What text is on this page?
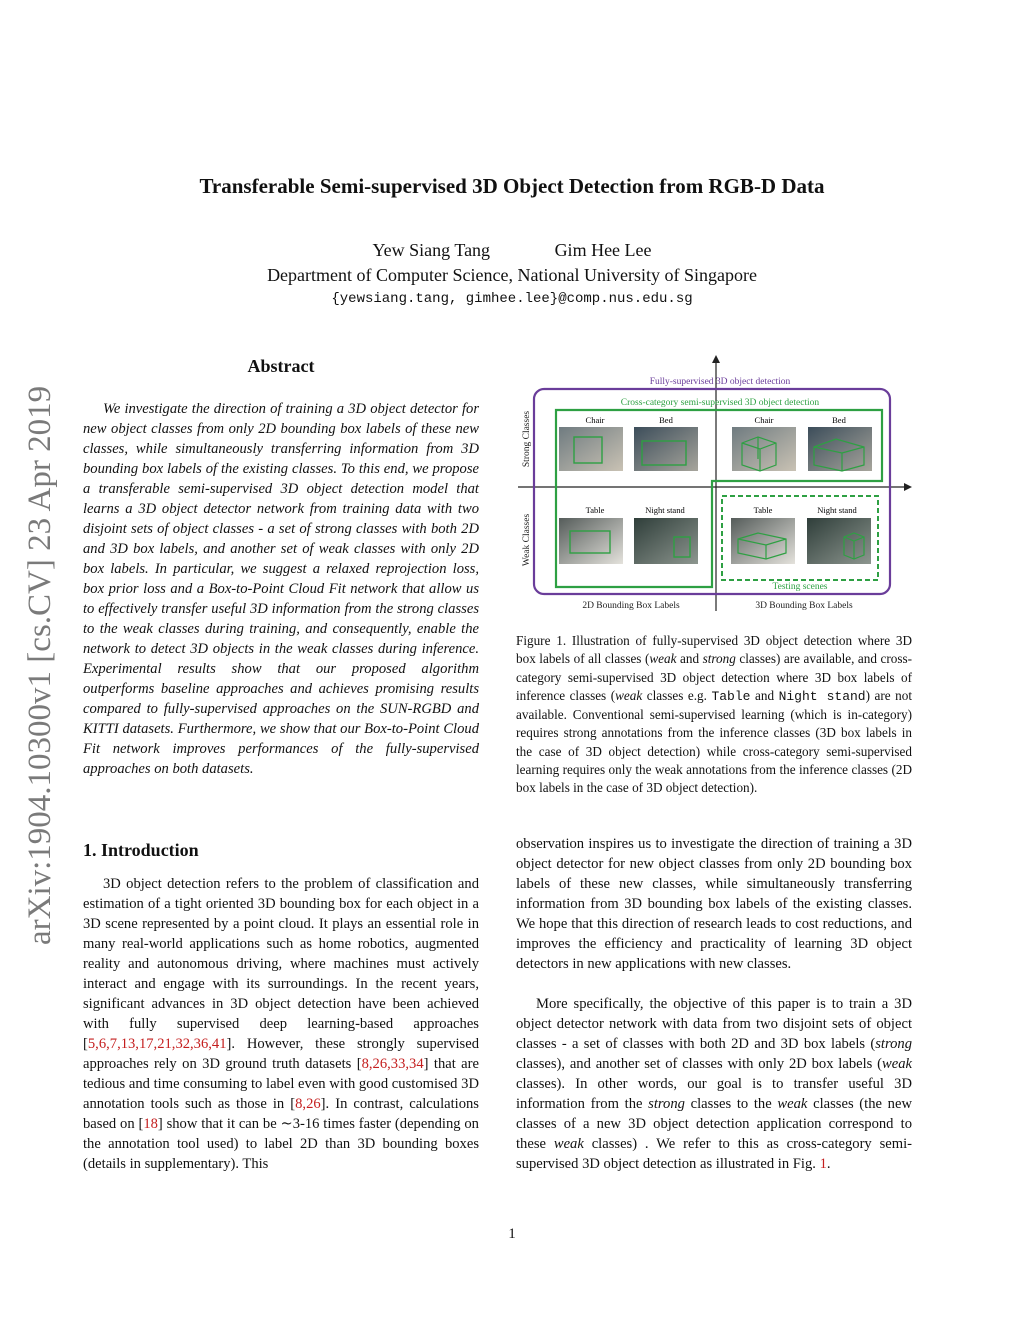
Transferable Semi-supervised 3D Object Detection from RGB-D Data
Yew Siang Tang	Gim Hee Lee
Department of Computer Science, National University of Singapore
{yewsiang.tang, gimhee.lee}@comp.nus.edu.sg
arXiv:1904.10300v1 [cs.CV] 23 Apr 2019
Abstract
We investigate the direction of training a 3D object detector for new object classes from only 2D bounding box labels of these new classes, while simultaneously transferring information from 3D bounding box labels of the existing classes. To this end, we propose a transferable semi-supervised 3D object detection model that learns a 3D object detector network from training data with two disjoint sets of object classes - a set of strong classes with both 2D and 3D box labels, and another set of weak classes with only 2D box labels. In particular, we suggest a relaxed reprojection loss, box prior loss and a Box-to-Point Cloud Fit network that allow us to effectively transfer useful 3D information from the strong classes to the weak classes during training, and consequently, enable the network to detect 3D objects in the weak classes during inference. Experimental results show that our proposed algorithm outperforms baseline approaches and achieves promising results compared to fully-supervised approaches on the SUN-RGBD and KITTI datasets. Furthermore, we show that our Box-to-Point Cloud Fit network improves performances of the fully-supervised approaches on both datasets.
1. Introduction
3D object detection refers to the problem of classification and estimation of a tight oriented 3D bounding box for each object in a 3D scene represented by a point cloud. It plays an essential role in many real-world applications such as home robotics, augmented reality and autonomous driving, where machines must actively interact and engage with its surroundings. In the recent years, significant advances in 3D object detection have been achieved with fully supervised deep learning-based approaches [5,6,7,13,17,21,32,36,41]. However, these strongly supervised approaches rely on 3D ground truth datasets [8,26,33,34] that are tedious and time consuming to label even with good customised 3D annotation tools such as those in [8,26]. In contrast, calculations based on [18] show that it can be ∼3-16 times faster (depending on the annotation tool used) to label 2D than 3D bounding boxes (details in supplementary). This
Fully-supervised 3D object detection
Cross-category semi-supervised 3D object detection
Testing scenes
Strong Classes
Weak Classes
2D Bounding Box Labels	3D Bounding Box Labels
Chair	Bed	Chair	Bed
Table	Night stand	Table	Night stand
Figure 1. Illustration of fully-supervised 3D object detection where 3D box labels of all classes (weak and strong classes) are available, and cross-category semi-supervised 3D object detection where 3D box labels of inference classes (weak classes e.g. Table and Night stand) are not available. Conventional semi-supervised learning (which is in-category) requires strong annotations from the inference classes (3D box labels in the case of 3D object detection) while cross-category semi-supervised learning requires only the weak annotations from the inference classes (2D box labels in the case of 3D object detection).
observation inspires us to investigate the direction of training a 3D object detector for new object classes from only 2D bounding box labels of these new classes, while simultaneously transferring information from 3D bounding box labels of the existing classes. We hope that this direction of research leads to cost reductions, and improves the efficiency and practicality of learning 3D object detectors in new applications with new classes.
More specifically, the objective of this paper is to train a 3D object detector network with data from two disjoint sets of object classes - a set of classes with both 2D and 3D box labels (strong classes), and another set of classes with only 2D box labels (weak classes). In other words, our goal is to transfer useful 3D information from the strong classes to the weak classes (the new classes of a new 3D object detection application correspond to these weak classes) . We refer to this as cross-category semi-supervised 3D object detection as illustrated in Fig. 1.
1
